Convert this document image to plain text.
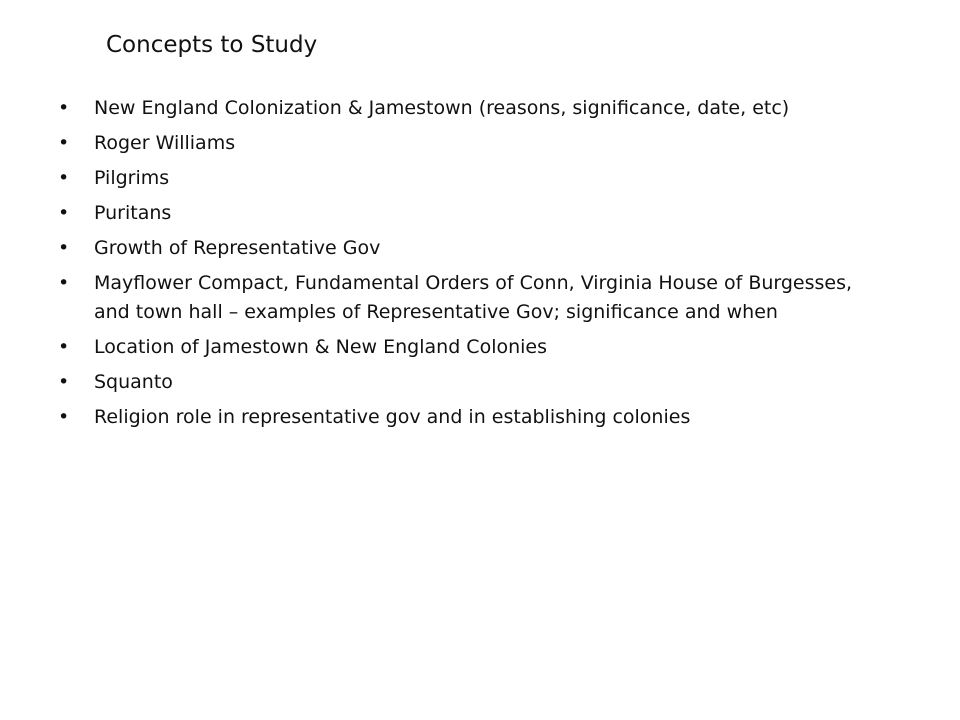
Concepts to Study
•	New England Colonization & Jamestown (reasons, significance, date, etc)
•	Roger Williams
•	Pilgrims
•	Puritans
•	Growth of Representative Gov
•	Mayflower Compact, Fundamental Orders of Conn, Virginia House of Burgesses, and town hall – examples of Representative Gov; significance and when
•	Location of Jamestown & New England Colonies
•	Squanto
•	Religion role in representative gov and in establishing colonies
